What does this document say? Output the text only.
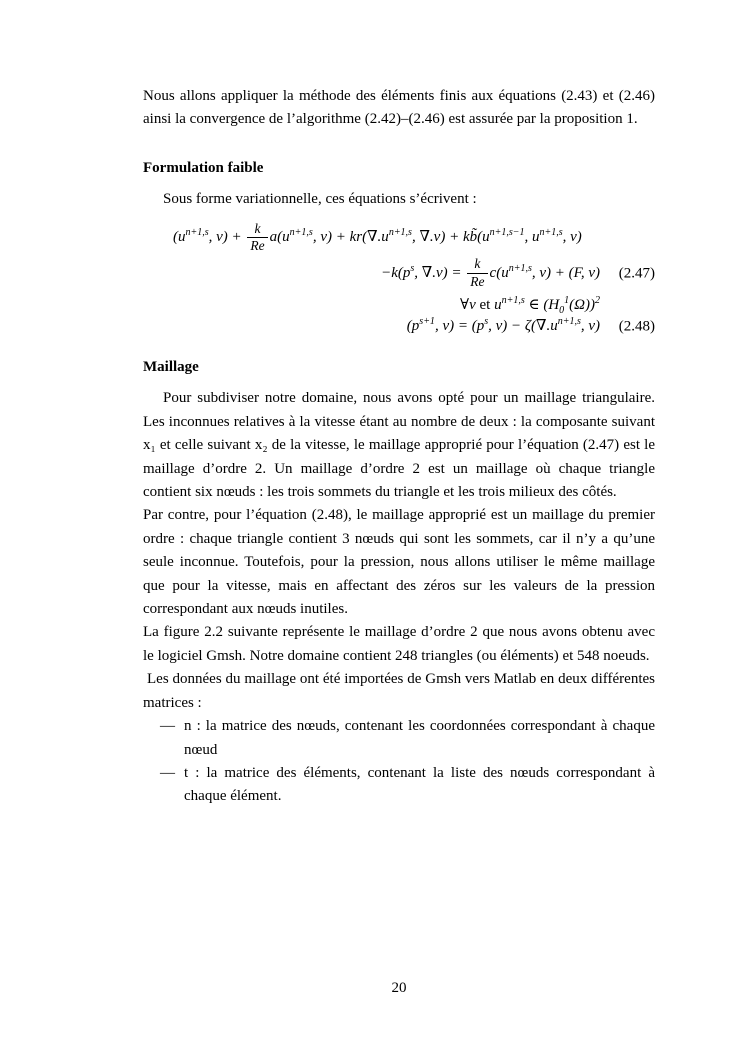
Nous allons appliquer la méthode des éléments finis aux équations (2.43) et (2.46) ainsi la convergence de l’algorithme (2.42)–(2.46) est assurée par la proposition 1.

Formulation faible

Sous forme variationnelle, ces équations s’écrivent :

($u^{n+1,s}$, $v) + \frac{k}{Re} a(u^{n+1,s}$, $v) + kr(\nabla.u^{n+1,s}$, $\nabla.v) + kb̃(u^{n+1,s-1}$, $u^{n+1,s}$, v)
$-k(p^s$, $\nabla.v) = \frac{k}{Re} c(u^{n+1,s}$, v) + (F, v) (2.47)
∀v et $u^{n+1,s}$ ∈ $(H_0^1(\Omega))^2$
($p^{s+1}$, $v) = (p^s$, $v) - \zeta(\nabla.u^{n+1,s}$, v) (2.48)
Maillage

Pour subdiviser notre domaine, nous avons opté pour un maillage triangulaire. Les inconnues relatives à la vitesse étant au nombre de deux : la composante suivant x₁ et celle suivant x₂ de la vitesse, le maillage approprié pour l’équation (2.47) est le maillage d’ordre 2. Un maillage d’ordre 2 est un maillage où chaque triangle contient six nœuds : les trois sommets du triangle et les trois milieux des côtés.

Par contre, pour l’équation (2.48), le maillage approprié est un maillage du premier ordre : chaque triangle contient 3 nœuds qui sont les sommets, car il n’y a qu’une seule inconnue. Toutefois, pour la pression, nous allons utiliser le même maillage que pour la vitesse, mais en affectant des zéros sur les valeurs de la pression correspondant aux nœuds inutiles.

La figure 2.2 suivante représente le maillage d’ordre 2 que nous avons obtenu avec le logiciel Gmsh. Notre domaine contient 248 triangles (ou éléments) et 548 noeuds.

Les données du maillage ont été importées de Gmsh vers Matlab en deux différentes matrices :

— n : la matrice des nœuds, contenant les coordonnées correspondant à chaque nœud
— t : la matrice des éléments, contenant la liste des nœuds correspondant à chaque élément.
20
